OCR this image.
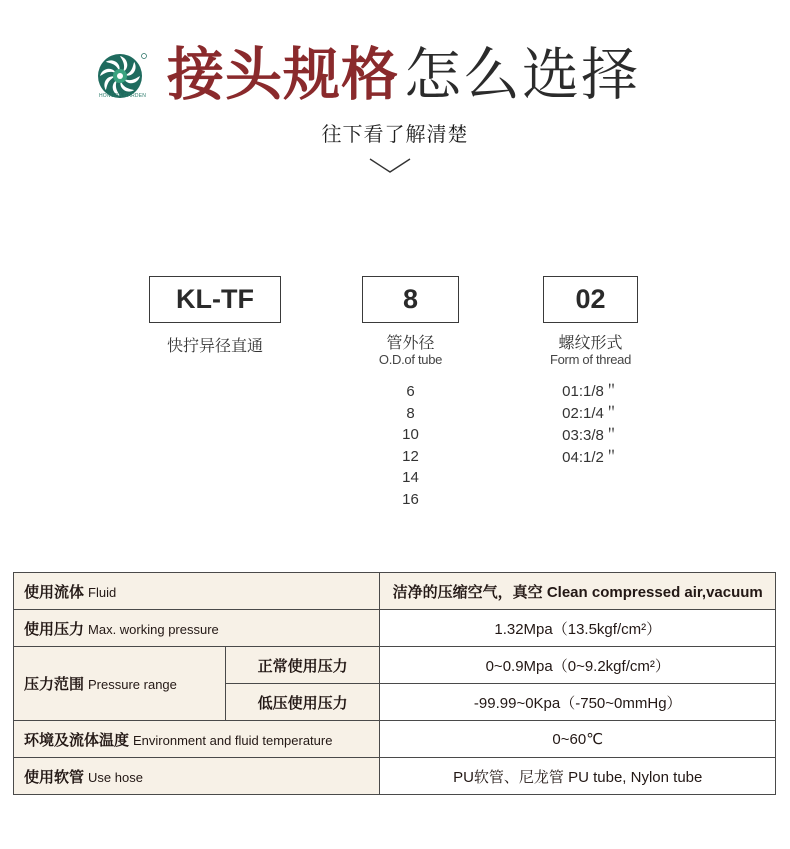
HONGDA GARDEN 接头规格 怎么选择
往下看了解清楚
KL-TF
快拧异径直通
8
管外径
O.D.of tube
6
8
10
12
14
16
02
螺纹形式
Form of thread
01:1/8＂
02:1/4＂
03:3/8＂
04:1/2＂
使用流体 Fluid		洁净的压缩空气，真空 Clean compressed air,vacuum
使用压力 Max. working pressure		1.32Mpa（13.5kgf/cm²）
压力范围 Pressure range	正常使用压力	0~0.9Mpa（0~9.2kgf/cm²）
	低压使用压力	-99.99~0Kpa（-750~0mmHg）
环境及流体温度 Environment and fluid temperature		0~60℃
使用软管 Use hose		PU软管、尼龙管 PU tube, Nylon tube
